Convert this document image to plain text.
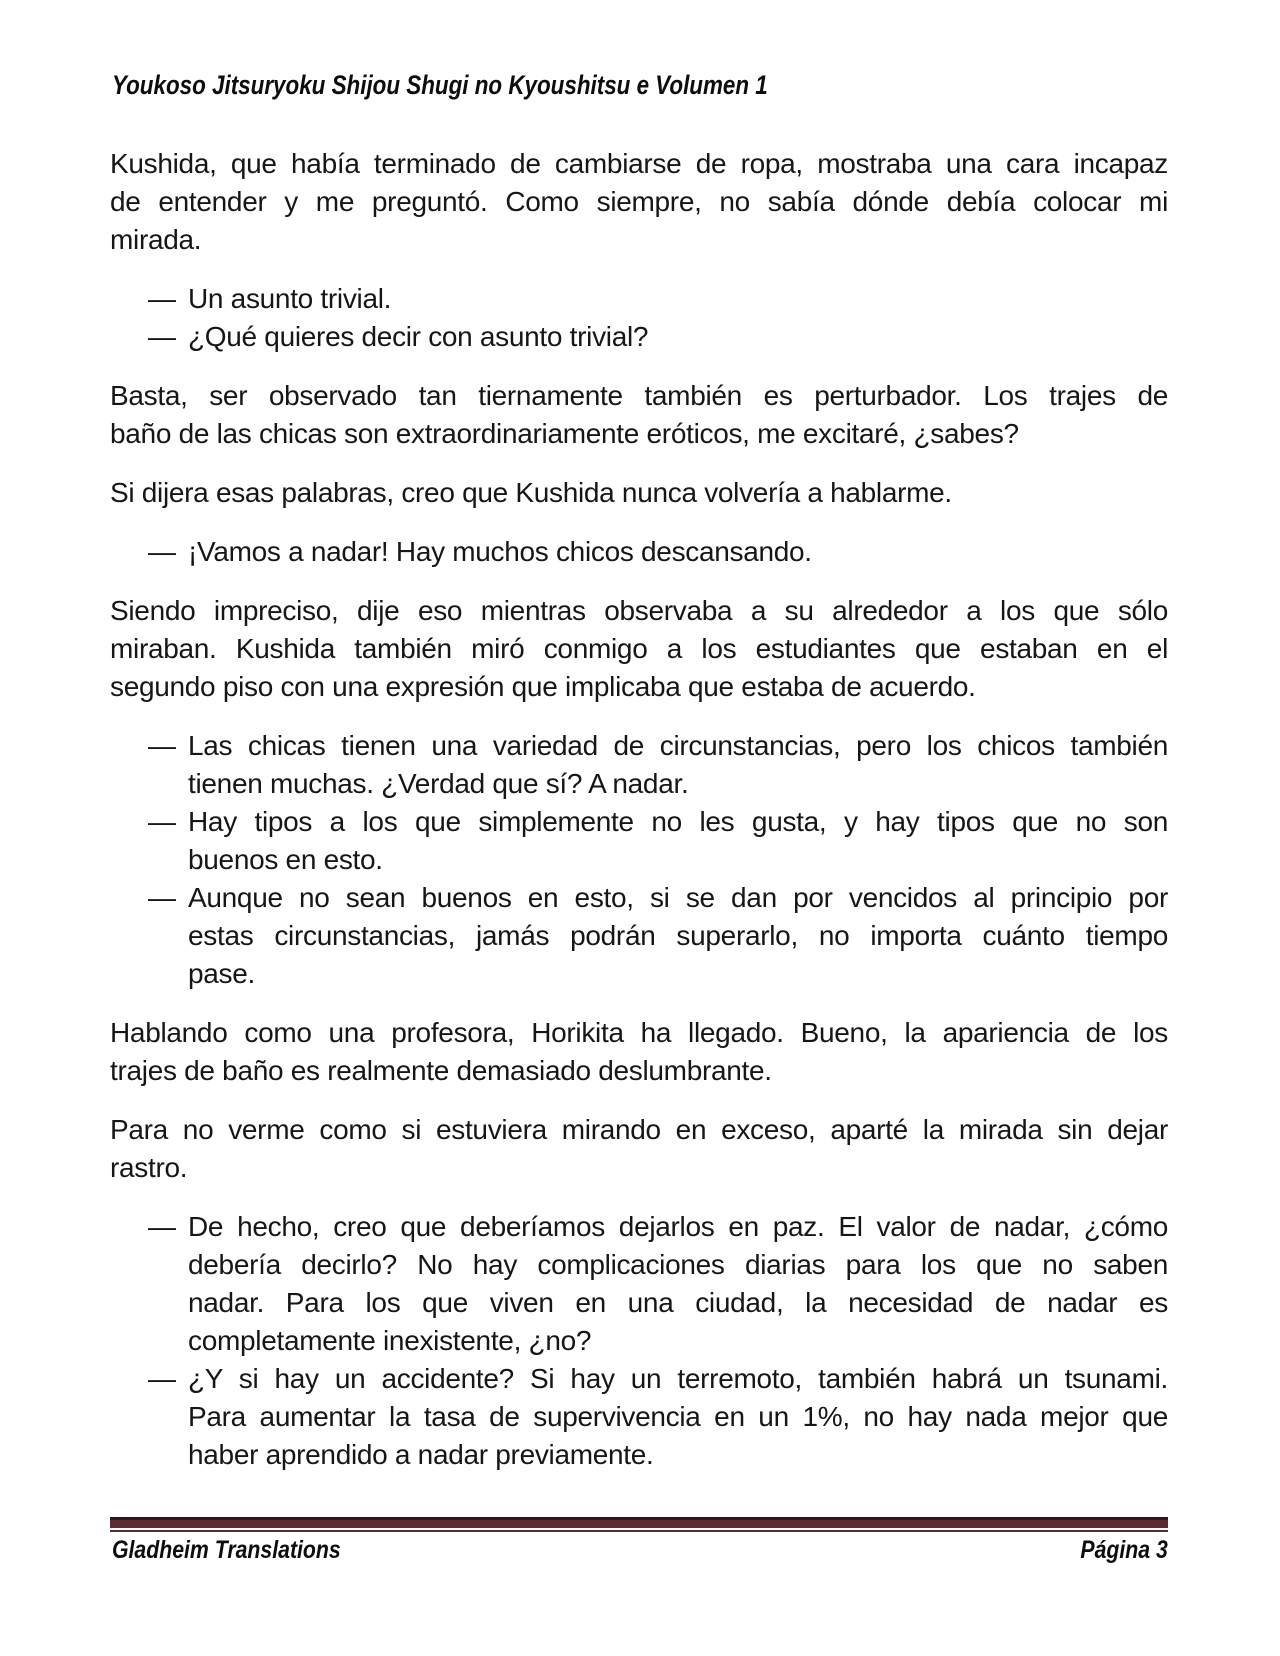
Youkoso Jitsuryoku Shijou Shugi no Kyoushitsu e Volumen 1
Kushida, que había terminado de cambiarse de ropa, mostraba una cara incapaz
de entender y me preguntó. Como siempre, no sabía dónde debía colocar mi
mirada.
— Un asunto trivial.
— ¿Qué quieres decir con asunto trivial?
Basta, ser observado tan tiernamente también es perturbador. Los trajes de
baño de las chicas son extraordinariamente eróticos, me excitaré, ¿sabes?
Si dijera esas palabras, creo que Kushida nunca volvería a hablarme.
— ¡Vamos a nadar! Hay muchos chicos descansando.
Siendo impreciso, dije eso mientras observaba a su alrededor a los que sólo
miraban. Kushida también miró conmigo a los estudiantes que estaban en el
segundo piso con una expresión que implicaba que estaba de acuerdo.
— Las chicas tienen una variedad de circunstancias, pero los chicos también
tienen muchas. ¿Verdad que sí? A nadar.
— Hay tipos a los que simplemente no les gusta, y hay tipos que no son
buenos en esto.
— Aunque no sean buenos en esto, si se dan por vencidos al principio por
estas circunstancias, jamás podrán superarlo, no importa cuánto tiempo
pase.
Hablando como una profesora, Horikita ha llegado. Bueno, la apariencia de los
trajes de baño es realmente demasiado deslumbrante.
Para no verme como si estuviera mirando en exceso, aparté la mirada sin dejar
rastro.
— De hecho, creo que deberíamos dejarlos en paz. El valor de nadar, ¿cómo
debería decirlo? No hay complicaciones diarias para los que no saben
nadar. Para los que viven en una ciudad, la necesidad de nadar es
completamente inexistente, ¿no?
— ¿Y si hay un accidente? Si hay un terremoto, también habrá un tsunami.
Para aumentar la tasa de supervivencia en un 1%, no hay nada mejor que
haber aprendido a nadar previamente.
Gladheim Translations	Página 3
